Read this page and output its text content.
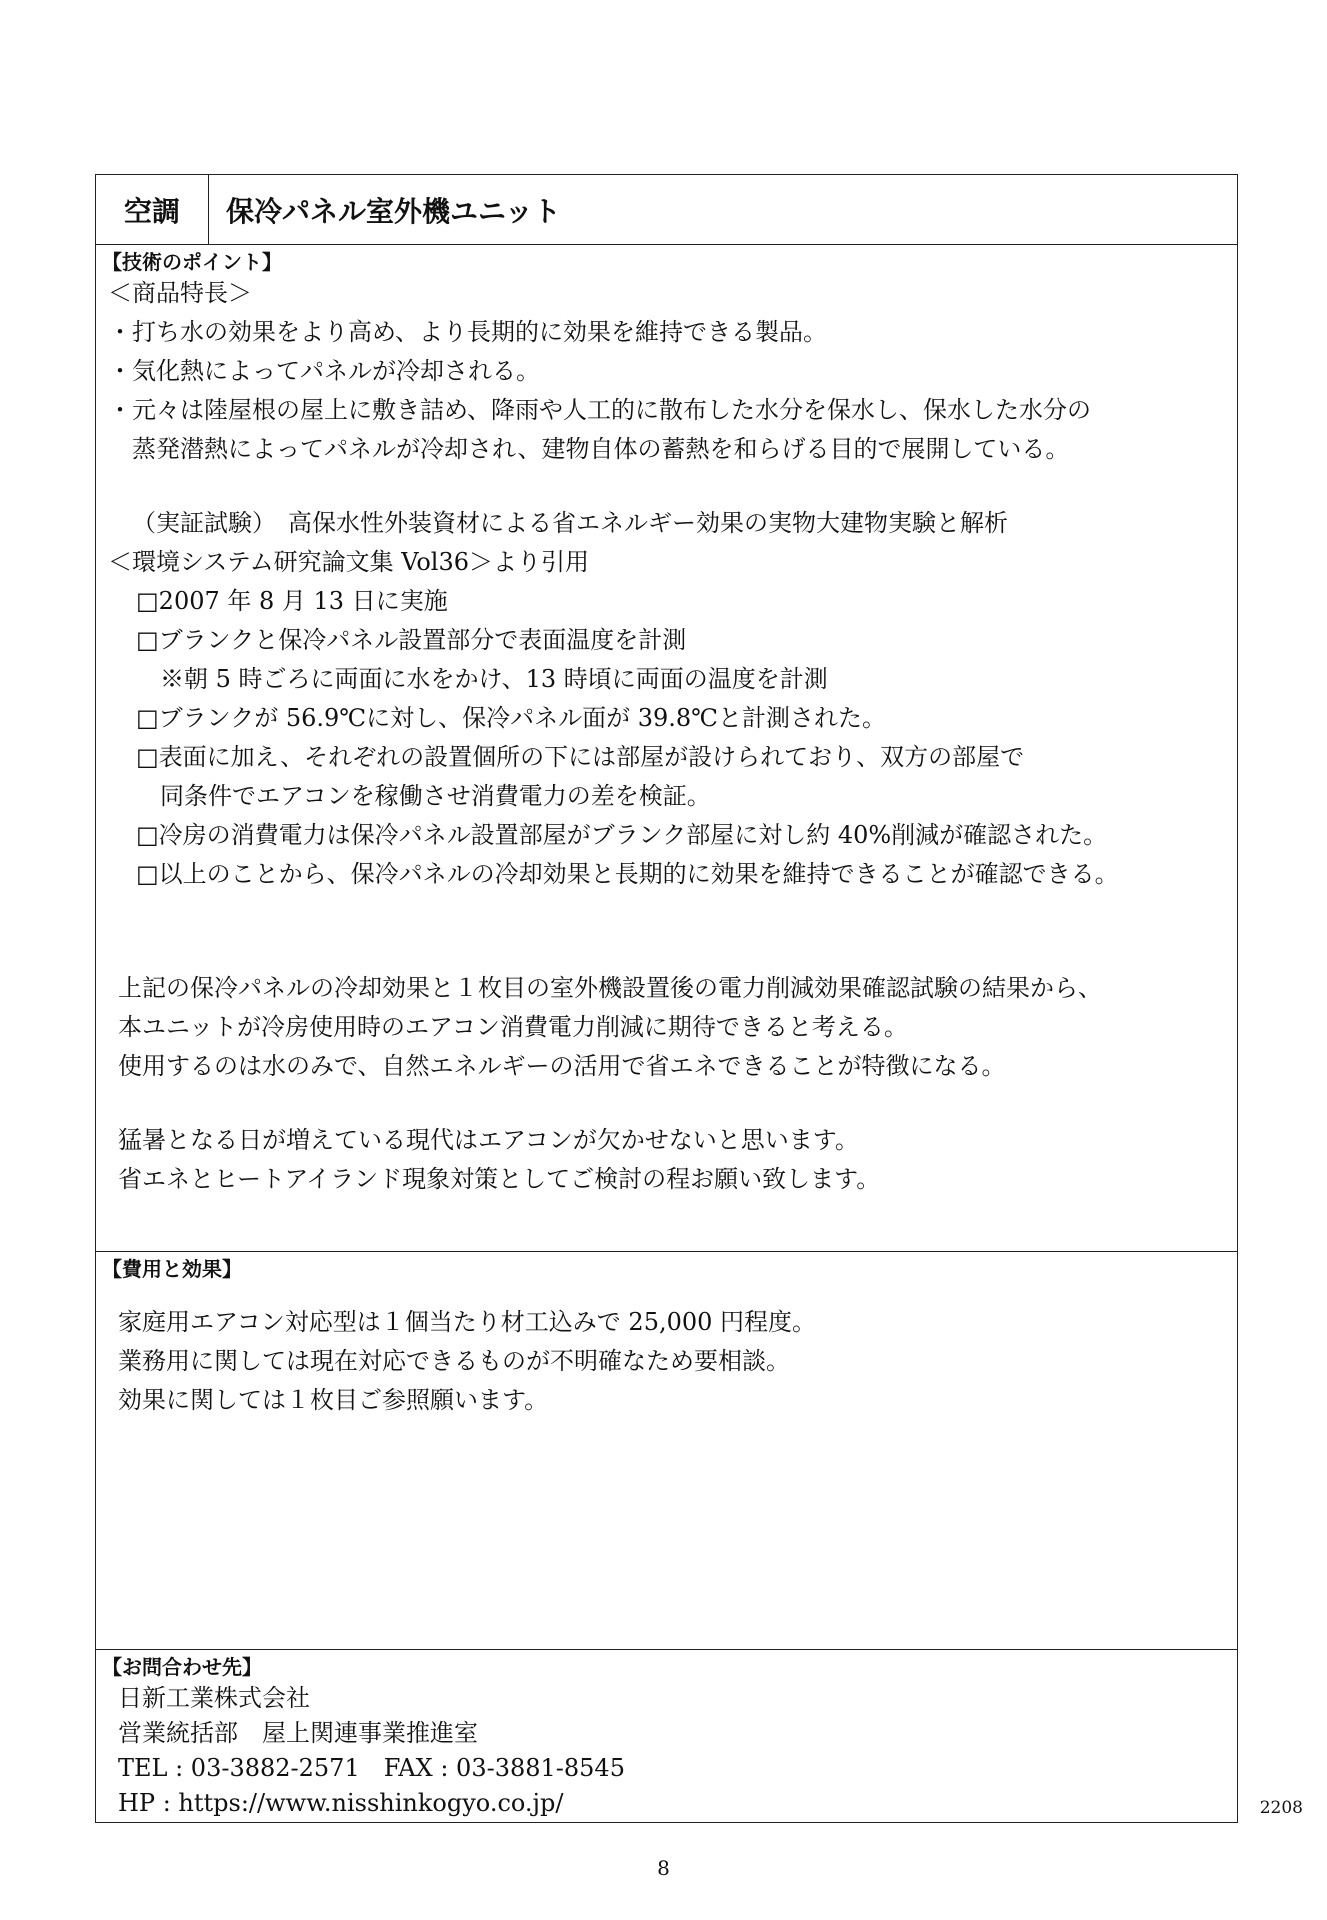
空調	保冷パネル室外機ユニット
【技術のポイント】
＜商品特長＞
・打ち水の効果をより高め、より長期的に効果を維持できる製品。
・気化熱によってパネルが冷却される。
・元々は陸屋根の屋上に敷き詰め、降雨や人工的に散布した水分を保水し、保水した水分の
蒸発潜熱によってパネルが冷却され、建物自体の蓄熱を和らげる目的で展開している。
（実証試験）　高保水性外装資材による省エネルギー効果の実物大建物実験と解析
＜環境システム研究論文集 Vol36＞より引用
□2007 年 8 月 13 日に実施
□ブランクと保冷パネル設置部分で表面温度を計測
※朝 5 時ごろに両面に水をかけ、13 時頃に両面の温度を計測
□ブランクが 56.9℃に対し、保冷パネル面が 39.8℃と計測された。
□表面に加え、それぞれの設置個所の下には部屋が設けられており、双方の部屋で
同条件でエアコンを稼働させ消費電力の差を検証。
□冷房の消費電力は保冷パネル設置部屋がブランク部屋に対し約 40%削減が確認された。
□以上のことから、保冷パネルの冷却効果と長期的に効果を維持できることが確認できる。
上記の保冷パネルの冷却効果と１枚目の室外機設置後の電力削減効果確認試験の結果から、
本ユニットが冷房使用時のエアコン消費電力削減に期待できると考える。
使用するのは水のみで、自然エネルギーの活用で省エネできることが特徴になる。
猛暑となる日が増えている現代はエアコンが欠かせないと思います。
省エネとヒートアイランド現象対策としてご検討の程お願い致します。
【費用と効果】
家庭用エアコン対応型は１個当たり材工込みで 25,000 円程度。
業務用に関しては現在対応できるものが不明確なため要相談。
効果に関しては１枚目ご参照願います。
【お問合わせ先】
日新工業株式会社
営業統括部　屋上関連事業推進室
TEL : 03-3882-2571　FAX : 03-3881-8545
HP : https://www.nisshinkogyo.co.jp/	2208
8
